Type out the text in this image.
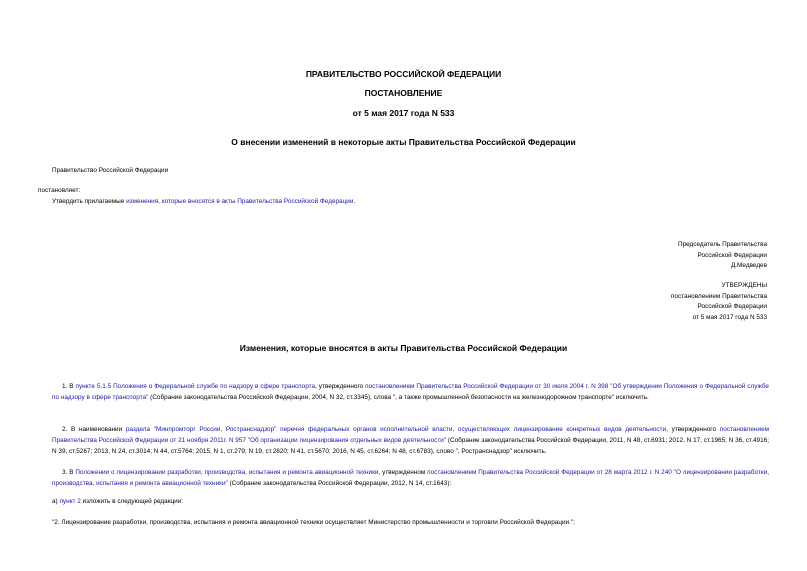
ПРАВИТЕЛЬСТВО РОССИЙСКОЙ ФЕДЕРАЦИИ
ПОСТАНОВЛЕНИЕ
от 5 мая 2017 года N 533
О внесении изменений в некоторые акты Правительства Российской Федерации
Правительство Российской Федерации
постановляет:
Утвердить прилагаемые изменения, которые вносятся в акты Правительства Российской Федерации.
Председатель Правительства
Российской Федерации
Д.Медведев
УТВЕРЖДЕНЫ
постановлением Правительства
Российской Федерации
от 5 мая 2017 года N 533
Изменения, которые вносятся в акты Правительства Российской Федерации
1. В пункте 5.1.5 Положения о Федеральной службе по надзору в сфере транспорта, утвержденного постановлением Правительства Российской Федерации от 30 июля 2004 г. N 398 "Об утверждении Положения о Федеральной службе по надзору в сфере транспорта" (Собрание законодательства Российской Федерации, 2004, N 32, ст.3345), слова ", а также промышленной безопасности на железнодорожном транспорте" исключить.
2. В наименовании раздела "Минпромторг России, Ространснадзор" перечня федеральных органов исполнительной власти, осуществляющих лицензирование конкретных видов деятельности, утвержденного постановлением Правительства Российской Федерации от 21 ноября 2011г. N 957 "Об организации лицензирования отдельных видов деятельности" (Собрание законодательства Российской Федерации, 2011, N 48, ст.6931; 2012, N 17, ст.1965; N 36, ст.4916; N 39, ст.5267; 2013, N 24, ст.3014; N 44, ст.5764; 2015, N 1, ст.279; N 19, ст.2820; N 41, ст.5670; 2016, N 45, ст.6264; N 48, ст.6783), слово ", Ространснадзор" исключить.
3. В Положении о лицензировании разработки, производства, испытания и ремонта авиационной техники, утвержденном постановлением Правительства Российской Федерации от 28 марта 2012 г. N 240 "О лицензировании разработки, производства, испытания и ремонта авиационной техники" (Собрание законодательства Российской Федерации, 2012, N 14, ст.1643):
а) пункт 2 изложить в следующей редакции:
"2. Лицензирование разработки, производства, испытания и ремонта авиационной техники осуществляет Министерство промышленности и торговли Российской Федерации.";
